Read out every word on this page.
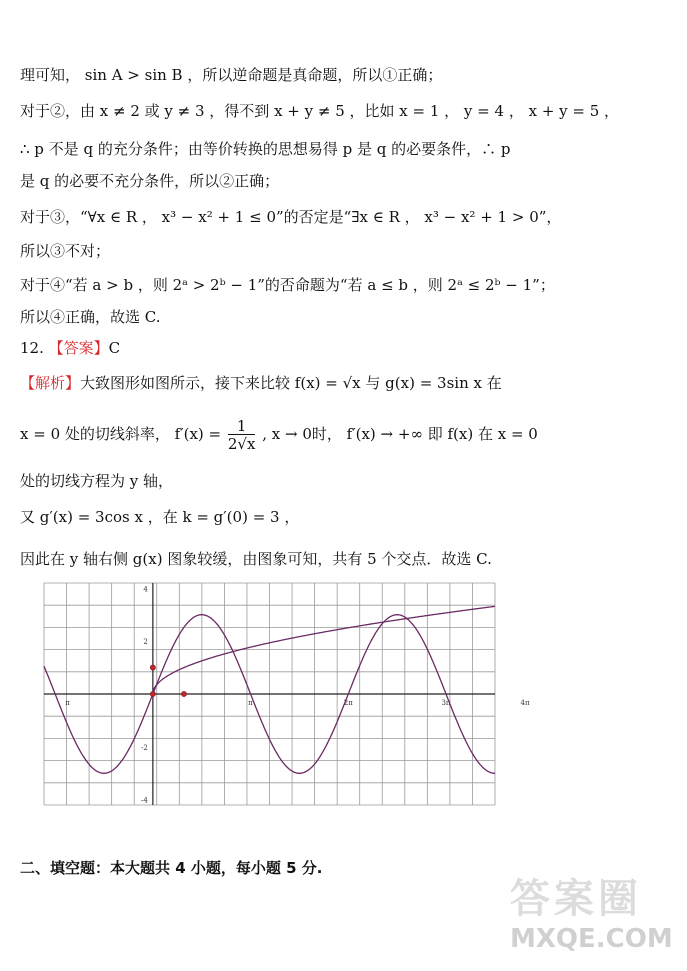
理可知， sin A > sin B ，所以逆命题是真命题，所以①正确；
对于②，由 x ≠ 2 或 y ≠ 3 ，得不到 x + y ≠ 5 ，比如 x = 1 ， y = 4 ， x + y = 5 ，
∴ p 不是 q 的充分条件；由等价转换的思想易得 p 是 q 的必要条件，∴ p
是 q 的必要不充分条件，所以②正确；
对于③，“∀x ∈ R ， x³ − x² + 1 ≤ 0”的否定是“∃x ∈ R ， x³ − x² + 1 > 0”，
所以③不对；
对于④“若 a > b ，则 2ᵃ > 2ᵇ − 1”的否命题为“若 a ≤ b ，则 2ᵃ ≤ 2ᵇ − 1”；
所以④正确，故选 C.
12. 【答案】C
【解析】大致图形如图所示，接下来比较 f(x) = √x 与 g(x) = 3sin x 在
x = 0 处的切线斜率， $f'(x) = \frac{1}{2√x}$ , x → 0时， f′(x) → +∞ 即 f(x) 在 x = 0
处的切线方程为 y 轴，
又 g′(x) = 3cos x ，在 k = g′(0) = 3 ，
因此在 y 轴右侧 g(x) 图象较缓，由图象可知，共有 5 个交点．故选 C.
π	π	2π	3π	4π
4
2
-2
-4
二、填空题：本大题共 4 小题，每小题 5 分.
答案圈
MXQE.COM
